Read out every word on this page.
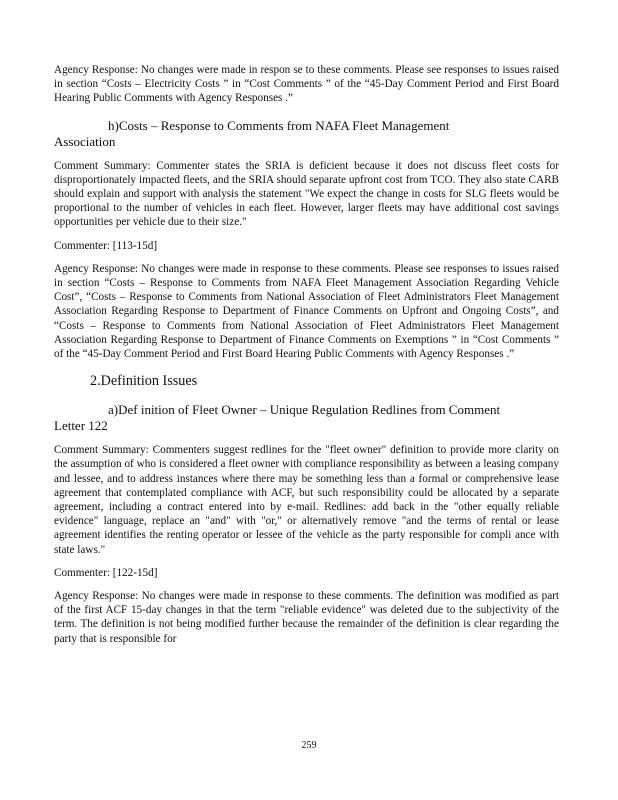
Agency Response: No changes were made in respon se to these comments. Please see responses to issues raised in section “Costs – Electricity Costs ” in “Cost Comments ” of the “45-Day Comment Period and First Board Hearing Public Comments with Agency Responses .”

h)Costs – Response to Comments from NAFA Fleet Management
Association

Comment Summary: Commenter states the SRIA is deficient because it does not discuss fleet costs for disproportionately impacted fleets, and the SRIA should separate upfront cost from TCO. They also state CARB should explain and support with analysis the statement "We expect the change in costs for SLG fleets would be proportional to the number of vehicles in each fleet. However, larger fleets may have additional cost savings opportunities per vehicle due to their size."

Commenter: [113-15d]

Agency Response: No changes were made in response to these comments. Please see responses to issues raised in section “Costs – Response to Comments from NAFA Fleet Management Association Regarding Vehicle Cost”, “Costs – Response to Comments from National Association of Fleet Administrators Fleet Management Association Regarding Response to Department of Finance Comments on Upfront and Ongoing Costs”, and “Costs – Response to Comments from National Association of Fleet Administrators Fleet Management Association Regarding Response to Department of Finance Comments on Exemptions ” in “Cost Comments ” of the “45-Day Comment Period and First Board Hearing Public Comments with Agency Responses .”

2.Definition Issues
a)Def inition of Fleet Owner – Unique Regulation Redlines from Comment
Letter 122

Comment Summary: Commenters suggest redlines for the "fleet owner" definition to provide more clarity on the assumption of who is considered a fleet owner with compliance responsibility as between a leasing company and lessee, and to address instances where there may be something less than a formal or comprehensive lease agreement that contemplated compliance with ACF, but such responsibility could be allocated by a separate agreement, including a contract entered into by e-mail. Redlines: add back in the "other equally reliable evidence" language, replace an "and" with "or," or alternatively remove "and the terms of rental or lease agreement identifies the renting operator or lessee of the vehicle as the party responsible for compli ance with state laws."

Commenter: [122-15d]

Agency Response: No changes were made in response to these comments. The definition was modified as part of the first ACF 15-day changes in that the term "reliable evidence" was deleted due to the subjectivity of the term. The definition is not being modified further because the remainder of the definition is clear regarding the party that is responsible for

259
